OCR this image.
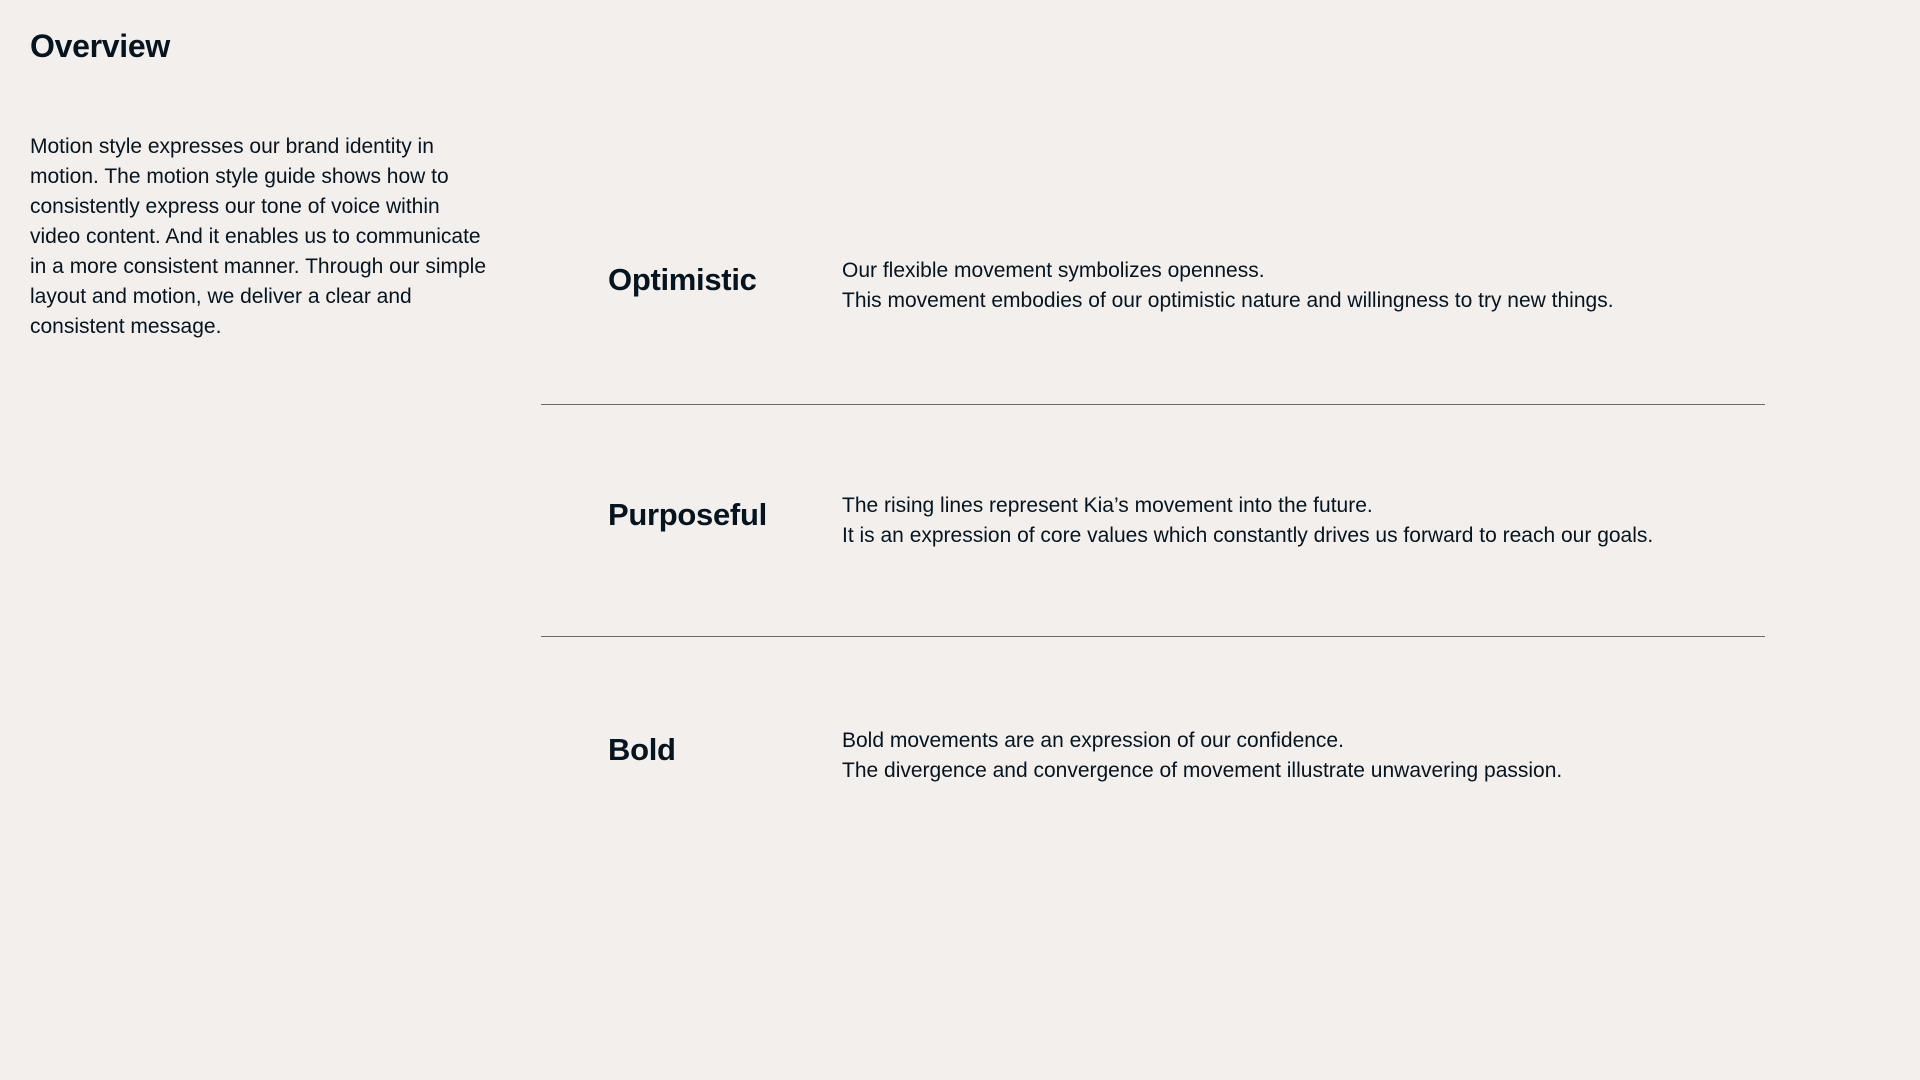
Overview

Motion style expresses our brand identity in motion. The motion style guide shows how to consistently express our tone of voice within video content. And it enables us to communicate in a more consistent manner. Through our simple layout and motion, we deliver a clear and consistent message.

Optimistic	Our flexible movement symbolizes openness.
This movement embodies of our optimistic nature and willingness to try new things.

Purposeful	The rising lines represent Kia’s movement into the future.
It is an expression of core values which constantly drives us forward to reach our goals.

Bold	Bold movements are an expression of our confidence.
The divergence and convergence of movement illustrate unwavering passion.
